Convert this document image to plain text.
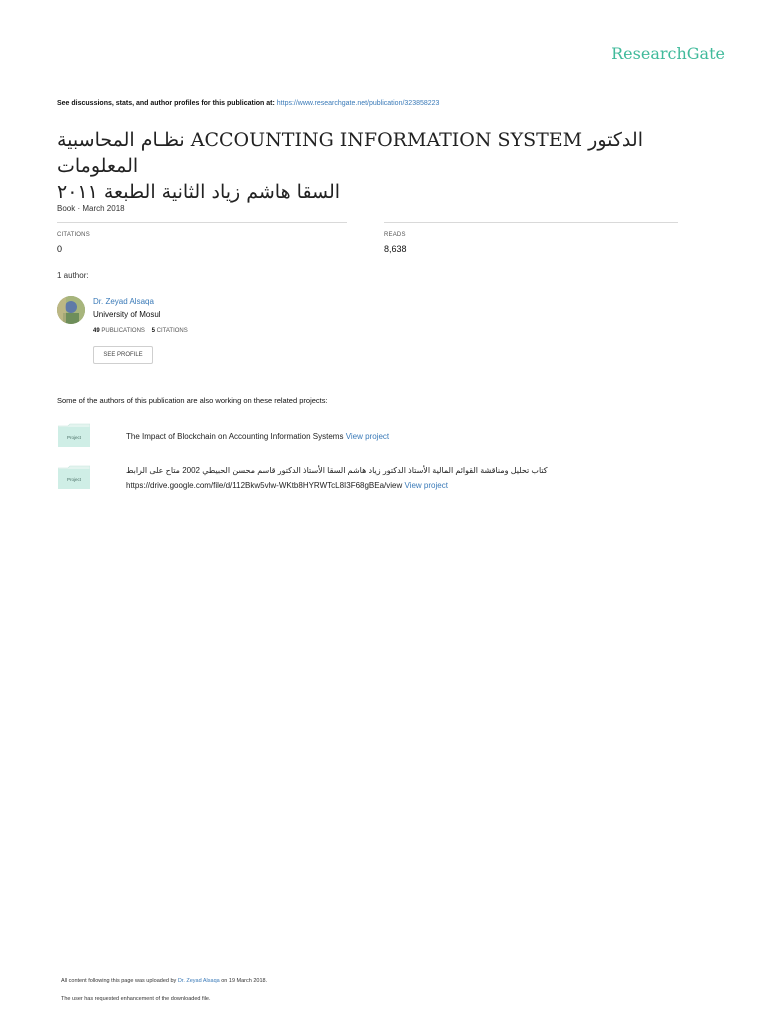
ResearchGate
See discussions, stats, and author profiles for this publication at: https://www.researchgate.net/publication/323858223
الدكتور ACCOUNTING INFORMATION SYSTEM نظـام المحاسبية المعلومات
السقا هاشم زياد الثانية الطبعة ٢٠١١
Book · March 2018
CITATIONS
0
READS
8,638
1 author:
Dr. Zeyad Alsaqa
University of Mosul
49 PUBLICATIONS 5 CITATIONS
SEE PROFILE
Some of the authors of this publication are also working on these related projects:
Project	The Impact of Blockchain on Accounting Information Systems View project
Project
كتاب تحليل ومناقشة القوائم المالية الأستاذ الدكتور زياد هاشم السقا الأستاذ الدكتور قاسم محسن الحبيطي 2002 متاح على الرابط
https://drive.google.com/file/d/112Bkw5vlw-WKtb8HYRWTcL8I3F68gBEa/view View project
All content following this page was uploaded by Dr. Zeyad Alsaqa on 19 March 2018.
The user has requested enhancement of the downloaded file.
